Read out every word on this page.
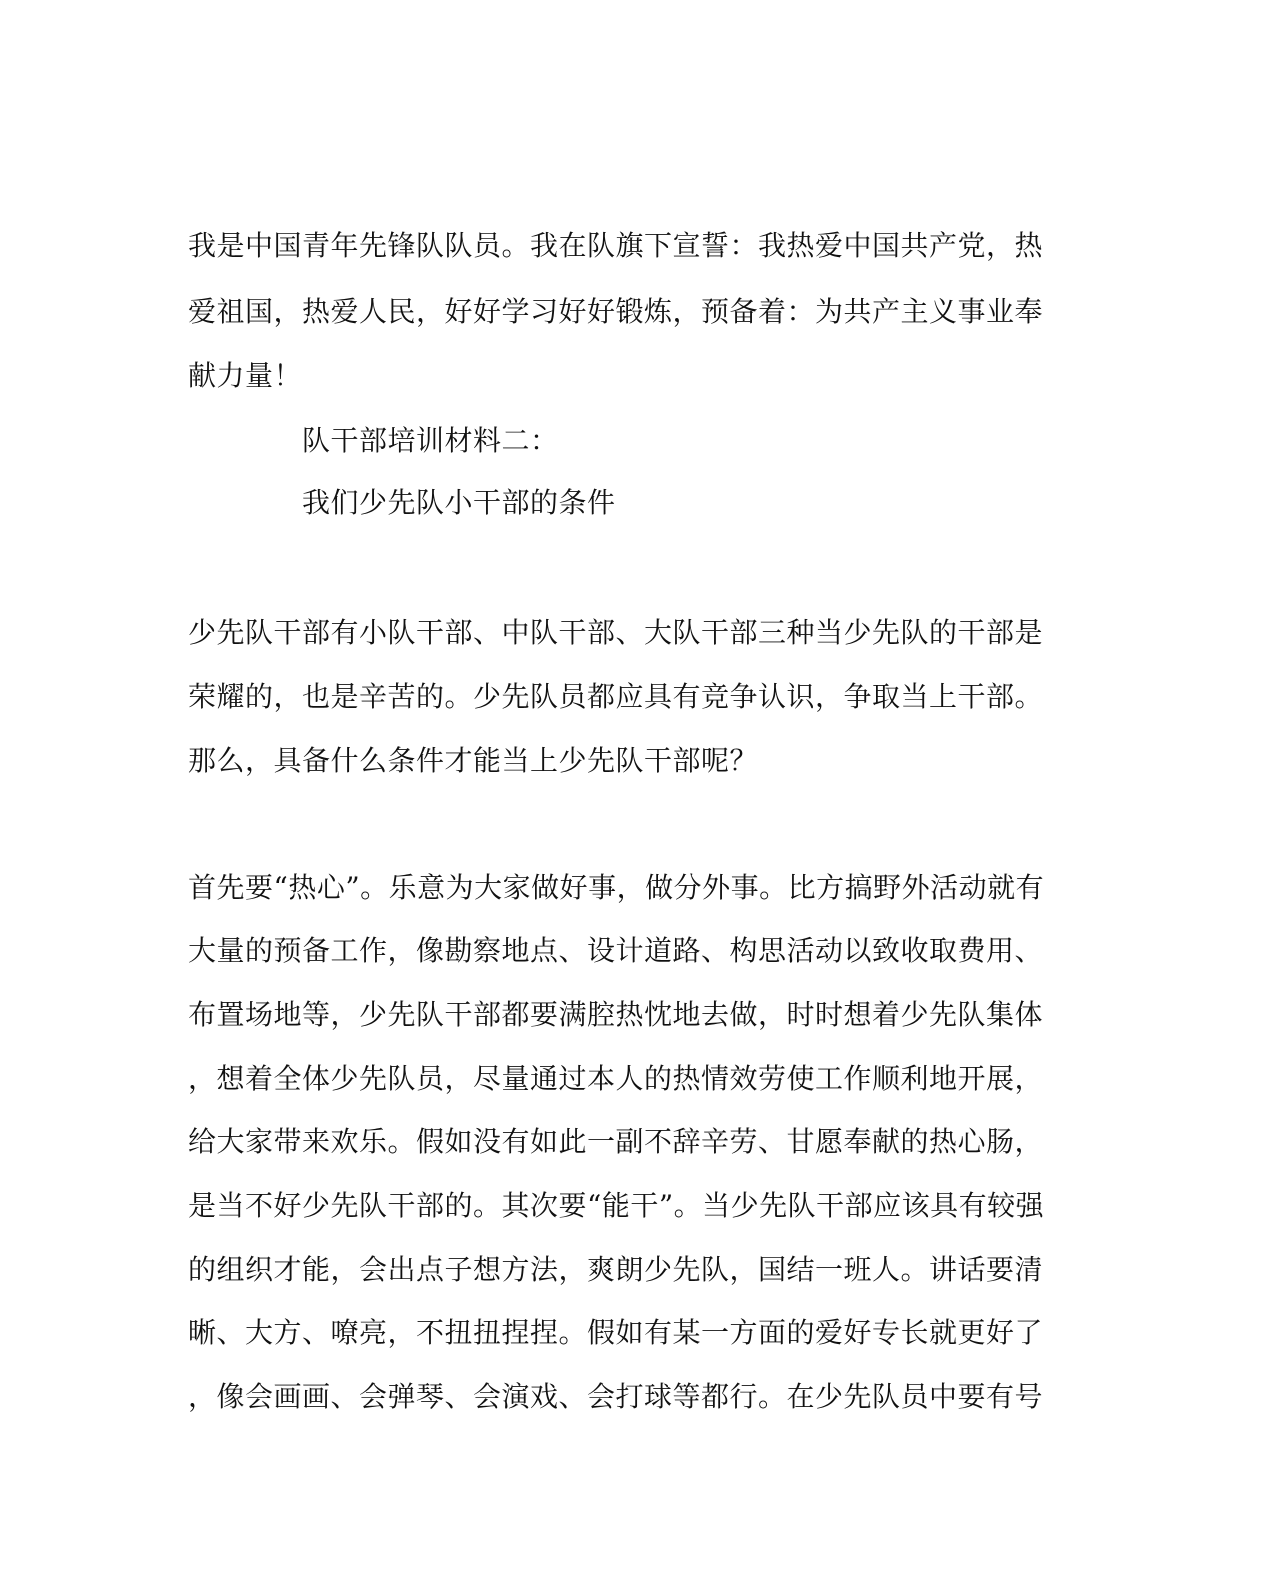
我是中国青年先锋队队员。我在队旗下宣誓：我热爱中国共产党，热
爱祖国，热爱人民，好好学习好好锻炼，预备着：为共产主义事业奉
献力量！
队干部培训材料二：
我们少先队小干部的条件
少先队干部有小队干部、中队干部、大队干部三种当少先队的干部是
荣耀的，也是辛苦的。少先队员都应具有竞争认识，争取当上干部。
那么，具备什么条件才能当上少先队干部呢？
首先要“热心”。乐意为大家做好事，做分外事。比方搞野外活动就有
大量的预备工作，像勘察地点、设计道路、构思活动以致收取费用、
布置场地等，少先队干部都要满腔热忱地去做，时时想着少先队集体
，想着全体少先队员，尽量通过本人的热情效劳使工作顺利地开展，
给大家带来欢乐。假如没有如此一副不辞辛劳、甘愿奉献的热心肠，
是当不好少先队干部的。其次要“能干”。当少先队干部应该具有较强
的组织才能，会出点子想方法，爽朗少先队，国结一班人。讲话要清
晰、大方、嘹亮，不扭扭捏捏。假如有某一方面的爱好专长就更好了
，像会画画、会弹琴、会演戏、会打球等都行。在少先队员中要有号
